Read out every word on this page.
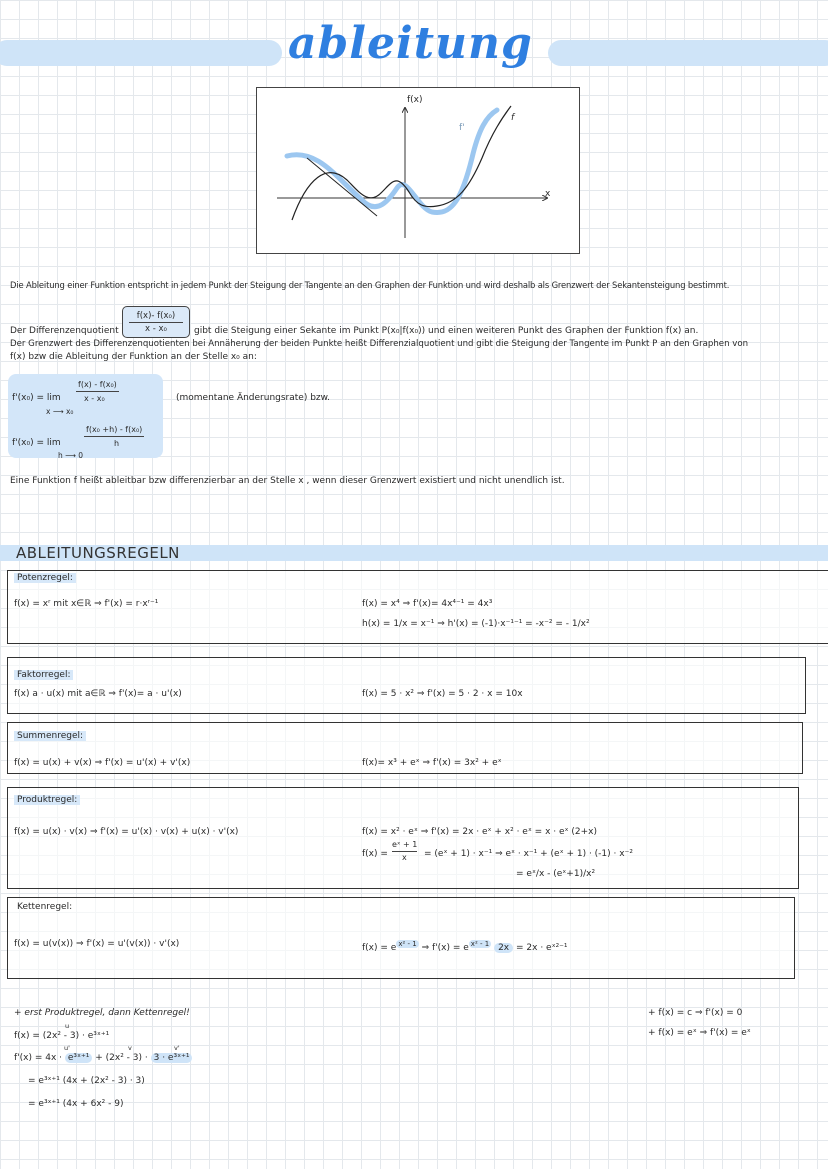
ableitung
f(x)
x
f
f'
Die Ableitung einer Funktion entspricht in jedem Punkt der Steigung der Tangente an den Graphen der Funktion und wird deshalb als Grenzwert der Sekantensteigung bestimmt.
$\frac{\text{f(x)- f(x₀)}}{\text{x - x₀}}$
Der Differenzenquotient	gibt die Steigung einer Sekante im Punkt P(x₀|f(x₀)) und einen weiteren Punkt des Graphen der Funktion f(x) an.
Der Grenzwert des Differenzenquotienten bei Annäherung der beiden Punkte heißt Differenzialquotient und gibt die Steigung der Tangente im Punkt P an den Graphen von
f(x) bzw die Ableitung der Funktion an der Stelle x₀ an:
f'(x₀) = lim
f(x) - f(x₀)
x - x₀
x ⟶ x₀
(momentane Änderungsrate) bzw.
f'(x₀) = lim
f(x₀ +h) - f(x₀)
h
h ⟶ 0
Eine Funktion f heißt ableitbar bzw differenzierbar an der Stelle x , wenn dieser Grenzwert existiert und nicht unendlich ist.
ABLEITUNGSREGELN
Potenzregel:
f(x) = xʳ mit x∈ℝ ⇒ f'(x) = r·xʳ⁻¹	f(x) = x⁴ ⇒ f'(x)= 4x⁴⁻¹ = 4x³
h(x) = 1/x = x⁻¹ ⇒ h'(x) = (-1)·x⁻¹⁻¹ = -x⁻² = - 1/x²
Faktorregel:
f(x) a · u(x) mit a∈ℝ ⇒ f'(x)= a · u'(x)	f(x) = 5 · x² ⇒ f'(x) = 5 · 2 · x = 10x
Summenregel:
f(x) = u(x) + v(x) ⇒ f'(x) = u'(x) + v'(x)	f(x)= x³ + eˣ ⇒ f'(x) = 3x² + eˣ
Produktregel:
f(x) = u(x) · v(x) ⇒ f'(x) = u'(x) · v(x) + u(x) · v'(x)	f(x) = x² · eˣ ⇒ f'(x) = 2x · eˣ + x² · eˣ = x · eˣ (2+x)
f(x) =
eˣ + 1
x = (eˣ + 1) · x⁻¹ ⇒ eˣ · x⁻¹ + (eˣ + 1) · (-1) · x⁻²
= eˣ/x - (eˣ+1)/x²
Kettenregel:
f(x) = u(v(x)) ⇒ f'(x) = u'(v(x)) · v'(x)	f(x) = e $^{x^2 - 1}$ ⇒ f'(x) = e $^{x^2 - 1}$ 2x = 2x · eˣ²⁻¹
+ erst Produktregel, dann Kettenregel!
u
v
u'	v'
f(x) = (2x² - 3) · e³ˣ⁺¹
f'(x) = 4x · e³ˣ⁺¹ + (2x² - 3) · 3 · e³ˣ⁺¹
= e³ˣ⁺¹ (4x + (2x² - 3) · 3)
= e³ˣ⁺¹ (4x + 6x² - 9)
+ f(x) = c ⇒ f'(x) = 0
+ f(x) = eˣ ⇒ f'(x) = eˣ
